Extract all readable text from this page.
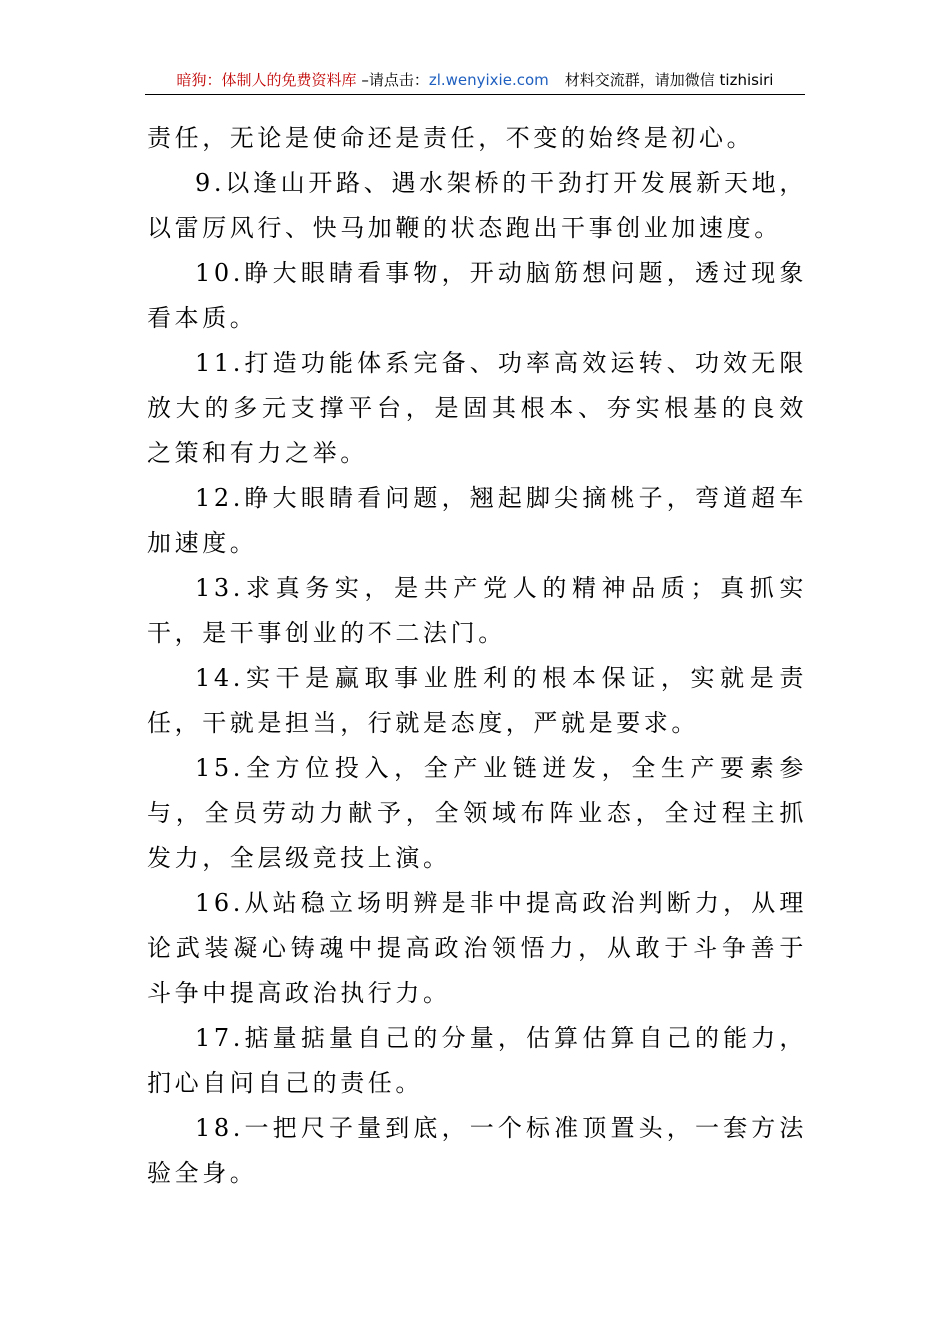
暗狗：体制人的免费资料库 –请点击：zl.wenyixie.com 材料交流群，请加微信 tizhisiri

责任，无论是使命还是责任，不变的始终是初心。

9.以逢山开路、遇水架桥的干劲打开发展新天地，以雷厉风行、快马加鞭的状态跑出干事创业加速度。

10.睁大眼睛看事物，开动脑筋想问题，透过现象看本质。

11.打造功能体系完备、功率高效运转、功效无限放大的多元支撑平台，是固其根本、夯实根基的良效之策和有力之举。

12.睁大眼睛看问题，翘起脚尖摘桃子，弯道超车加速度。

13.求真务实，是共产党人的精神品质；真抓实干，是干事创业的不二法门。

14.实干是赢取事业胜利的根本保证，实就是责任，干就是担当，行就是态度，严就是要求。

15.全方位投入，全产业链迸发，全生产要素参与，全员劳动力献予，全领域布阵业态，全过程主抓发力，全层级竞技上演。

16.从站稳立场明辨是非中提高政治判断力，从理论武装凝心铸魂中提高政治领悟力，从敢于斗争善于斗争中提高政治执行力。

17.掂量掂量自己的分量，估算估算自己的能力，扪心自问自己的责任。

18.一把尺子量到底，一个标准顶置头，一套方法验全身。
